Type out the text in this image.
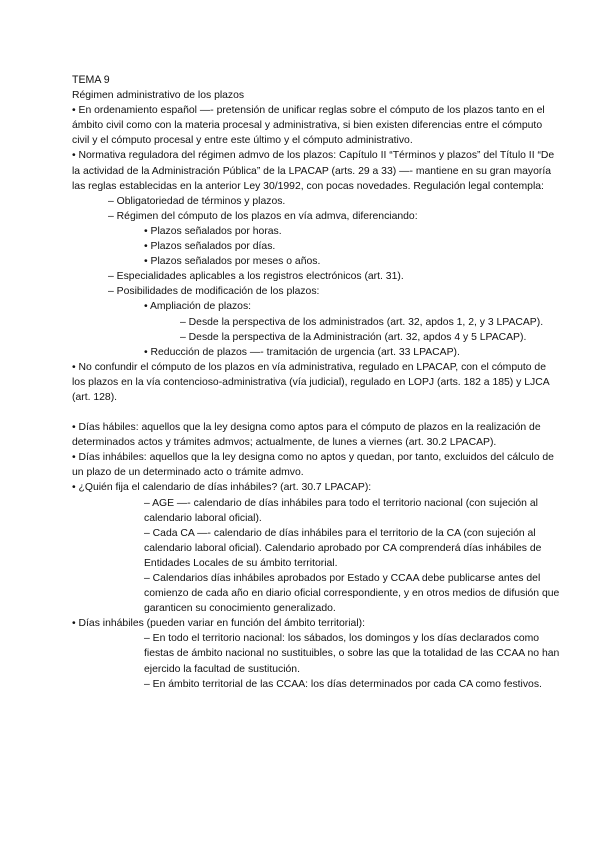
TEMA 9

Régimen administrativo de los plazos

• En ordenamiento español —- pretensión de unificar reglas sobre el cómputo de los plazos tanto en el ámbito civil como con la materia procesal y administrativa, si bien existen diferencias entre el cómputo civil y el cómputo procesal y entre este último y el cómputo administrativo.

• Normativa reguladora del régimen admvo de los plazos: Capítulo II “Términos y plazos” del Título II “De la actividad de la Administración Pública” de la LPACAP (arts. 29 a 33) —- mantiene en su gran mayoría las reglas establecidas en la anterior Ley 30/1992, con pocas novedades. Regulación legal contempla:

– Obligatoriedad de términos y plazos.

– Régimen del cómputo de los plazos en vía admva, diferenciando:

• Plazos señalados por horas.

• Plazos señalados por días.

• Plazos señalados por meses o años.

– Especialidades aplicables a los registros electrónicos (art. 31).

– Posibilidades de modificación de los plazos:

• Ampliación de plazos:

– Desde la perspectiva de los administrados (art. 32, apdos 1, 2, y 3 LPACAP).

– Desde la perspectiva de la Administración (art. 32, apdos 4 y 5 LPACAP).

• Reducción de plazos —- tramitación de urgencia (art. 33 LPACAP).

• No confundir el cómputo de los plazos en vía administrativa, regulado en LPACAP, con el cómputo de los plazos en la vía contencioso-administrativa (vía judicial), regulado en LOPJ (arts. 182 a 185) y LJCA (art. 128).

• Días hábiles: aquellos que la ley designa como aptos para el cómputo de plazos en la realización de determinados actos y trámites admvos; actualmente, de lunes a viernes (art. 30.2 LPACAP).

• Días inhábiles: aquellos que la ley designa como no aptos y quedan, por tanto, excluidos del cálculo de un plazo de un determinado acto o trámite admvo.

• ¿Quién fija el calendario de días inhábiles? (art. 30.7 LPACAP):

– AGE —- calendario de días inhábiles para todo el territorio nacional (con sujeción al calendario laboral oficial).

– Cada CA —- calendario de días inhábiles para el territorio de la CA (con sujeción al calendario laboral oficial). Calendario aprobado por CA comprenderá días inhábiles de Entidades Locales de su ámbito territorial.

– Calendarios días inhábiles aprobados por Estado y CCAA debe publicarse antes del comienzo de cada año en diario oficial correspondiente, y en otros medios de difusión que garanticen su conocimiento generalizado.

• Días inhábiles (pueden variar en función del ámbito territorial):

– En todo el territorio nacional: los sábados, los domingos y los días declarados como fiestas de ámbito nacional no sustituibles, o sobre las que la totalidad de las CCAA no han ejercido la facultad de sustitución.

– En ámbito territorial de las CCAA: los días determinados por cada CA como festivos.
